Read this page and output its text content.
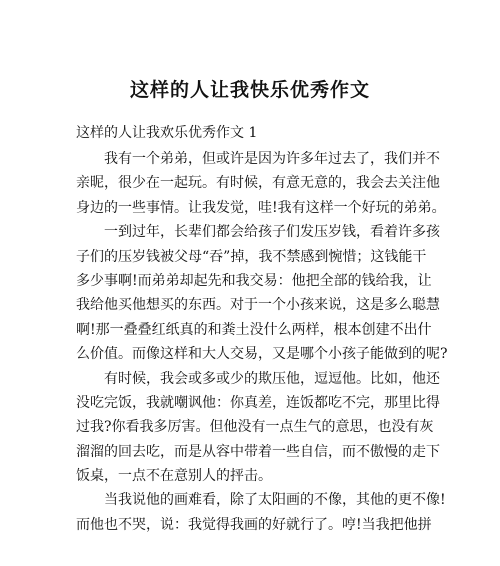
这样的人让我快乐优秀作文

这样的人让我欢乐优秀作文 1

我有一个弟弟，但或许是因为许多年过去了，我们并不
亲昵，很少在一起玩。有时候，有意无意的，我会去关注他
身边的一些事情。让我发觉，哇!我有这样一个好玩的弟弟。
一到过年，长辈们都会给孩子们发压岁钱，看着许多孩
子们的压岁钱被父母“吞”掉，我不禁感到惋惜；这钱能干
多少事啊!而弟弟却起先和我交易：他把全部的钱给我，让
我给他买他想买的东西。对于一个小孩来说，这是多么聪慧
啊!那一叠叠红纸真的和粪土没什么两样，根本创建不出什
么价值。而像这样和大人交易，又是哪个小孩子能做到的呢?
有时候，我会或多或少的欺压他，逗逗他。比如，他还
没吃完饭，我就嘲讽他：你真差，连饭都吃不完，那里比得
过我?你看我多厉害。但他没有一点生气的意思，也没有灰
溜溜的回去吃，而是从容中带着一些自信，而不傲慢的走下
饭桌，一点不在意别人的抨击。
当我说他的画难看，除了太阳画的不像，其他的更不像!
而他也不哭，说：我觉得我画的好就行了。哼!当我把他拼
